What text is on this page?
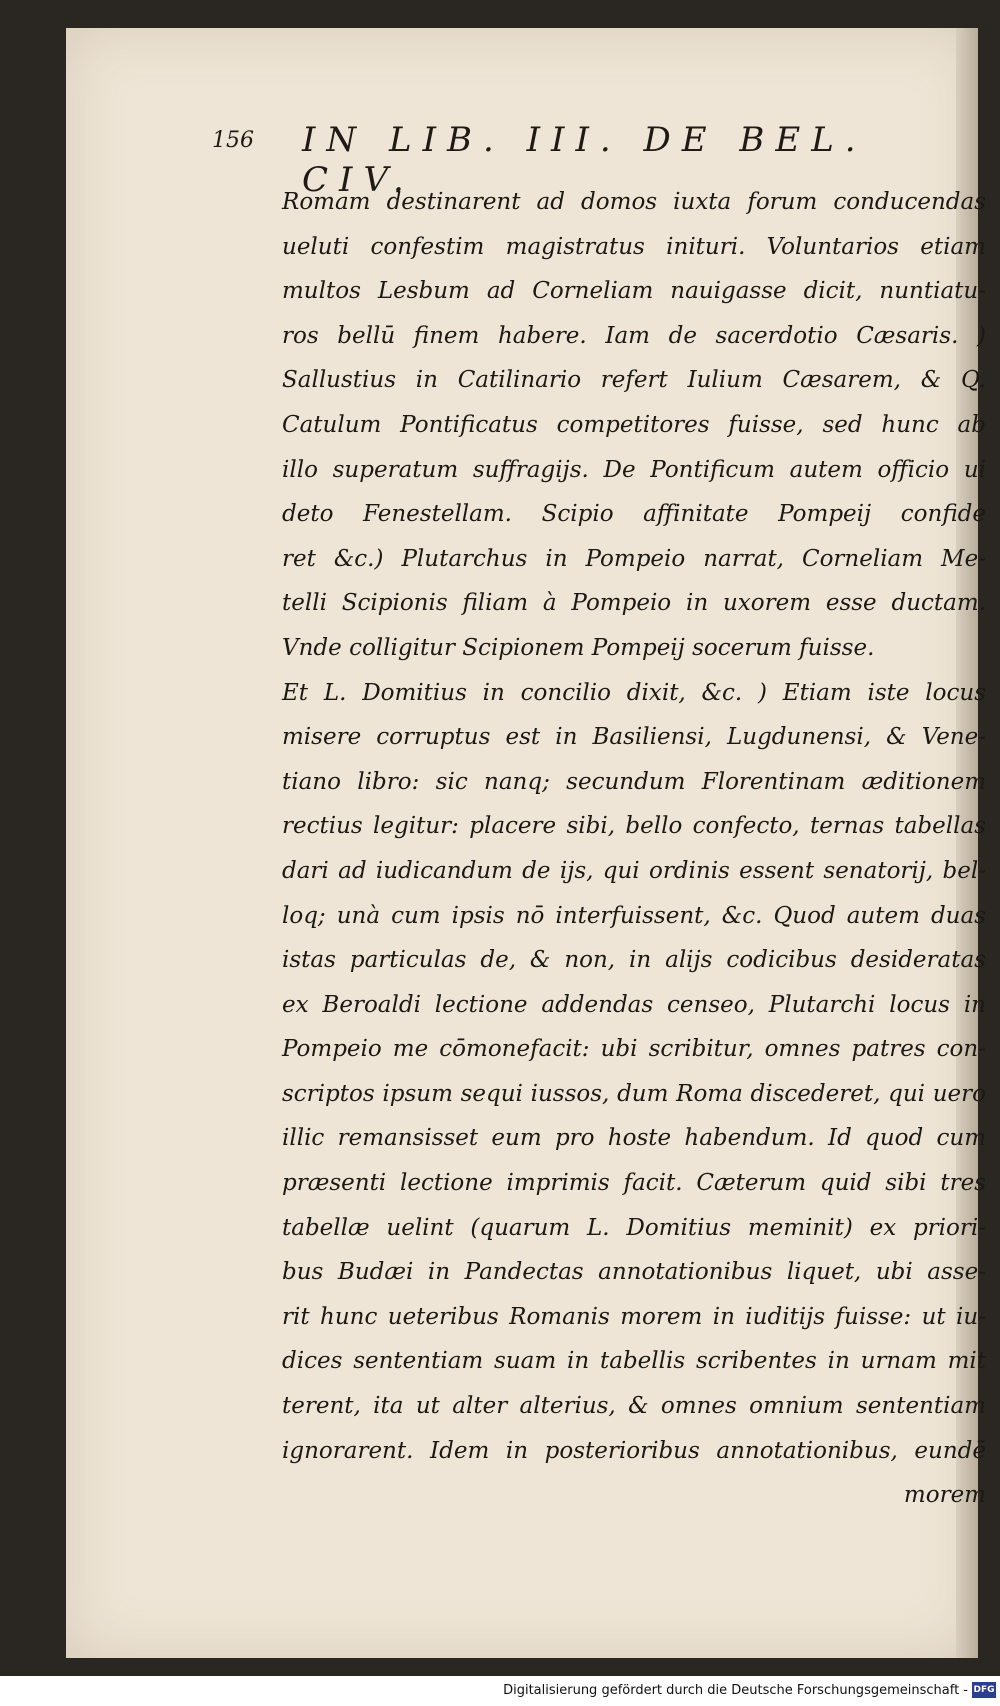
156 IN LIB. III. DE BEL. CIV.
Romam destinarent ad domos iuxta forum conducendas
ueluti confestim magistratus inituri. Voluntarios etiam
multos Lesbum ad Corneliam nauigasse dicit, nuntiatu-
ros bellū finem habere. Iam de sacerdotio Cæsaris. )
Sallustius in Catilinario refert Iulium Cæsarem, & Q.
Catulum Pontificatus competitores fuisse, sed hunc ab
illo superatum suffragijs. De Pontificum autem officio ui
deto Fenestellam. Scipio affinitate Pompeij confide
ret &c.) Plutarchus in Pompeio narrat, Corneliam Me-
telli Scipionis filiam à Pompeio in uxorem esse ductam.
Vnde colligitur Scipionem Pompeij socerum fuisse.
Et L. Domitius in concilio dixit, &c. ) Etiam iste locus
misere corruptus est in Basiliensi, Lugdunensi, & Vene-
tiano libro: sic nanq; secundum Florentinam æditionem
rectius legitur: placere sibi, bello confecto, ternas tabellas
dari ad iudicandum de ijs, qui ordinis essent senatorij, bel-
loq; unà cum ipsis nō interfuissent, &c. Quod autem duas
istas particulas de, & non, in alijs codicibus desideratas
ex Beroaldi lectione addendas censeo, Plutarchi locus in
Pompeio me cōmonefacit: ubi scribitur, omnes patres con-
scriptos ipsum sequi iussos, dum Roma discederet, qui uero
illic remansisset eum pro hoste habendum. Id quod cum
præsenti lectione imprimis facit. Cæterum quid sibi tres
tabellæ uelint (quarum L. Domitius meminit) ex priori-
bus Budæi in Pandectas annotationibus liquet, ubi asse-
rit hunc ueteribus Romanis morem in iuditijs fuisse: ut iu-
dices sententiam suam in tabellis scribentes in urnam mit
terent, ita ut alter alterius, & omnes omnium sententiam
ignorarent. Idem in posterioribus annotationibus, eundē
morem
Digitalisierung gefördert durch die Deutsche Forschungsgemeinschaft - DFG
